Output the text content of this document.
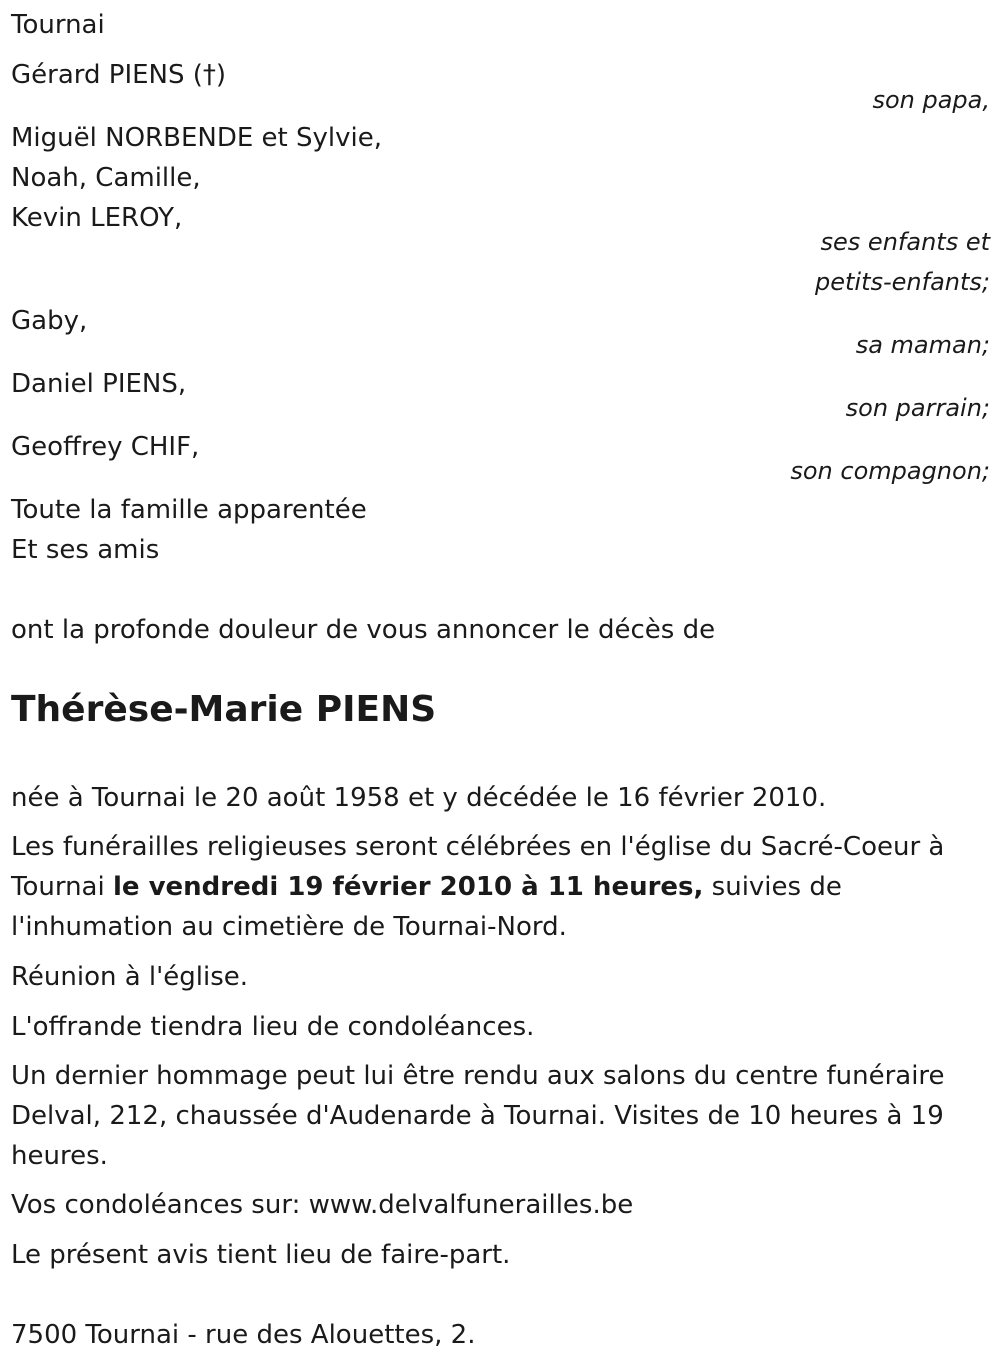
Tournai
Gérard PIENS (†)
son papa,
Miguël NORBENDE et Sylvie,
Noah, Camille,
Kevin LEROY,
ses enfants et
petits-enfants;
Gaby,
sa maman;
Daniel PIENS,
son parrain;
Geoffrey CHIF,
son compagnon;
Toute la famille apparentée
Et ses amis
ont la profonde douleur de vous annoncer le décès de
Thérèse-Marie PIENS
née à Tournai le 20 août 1958 et y décédée le 16 février 2010.
Les funérailles religieuses seront célébrées en l'église du Sacré-Coeur à Tournai le vendredi 19 février 2010 à 11 heures, suivies de l'inhumation au cimetière de Tournai-Nord.
Réunion à l'église.
L'offrande tiendra lieu de condoléances.
Un dernier hommage peut lui être rendu aux salons du centre funéraire Delval, 212, chaussée d'Audenarde à Tournai. Visites de 10 heures à 19 heures.
Vos condoléances sur: www.delvalfunerailles.be
Le présent avis tient lieu de faire-part.
7500 Tournai - rue des Alouettes, 2.
